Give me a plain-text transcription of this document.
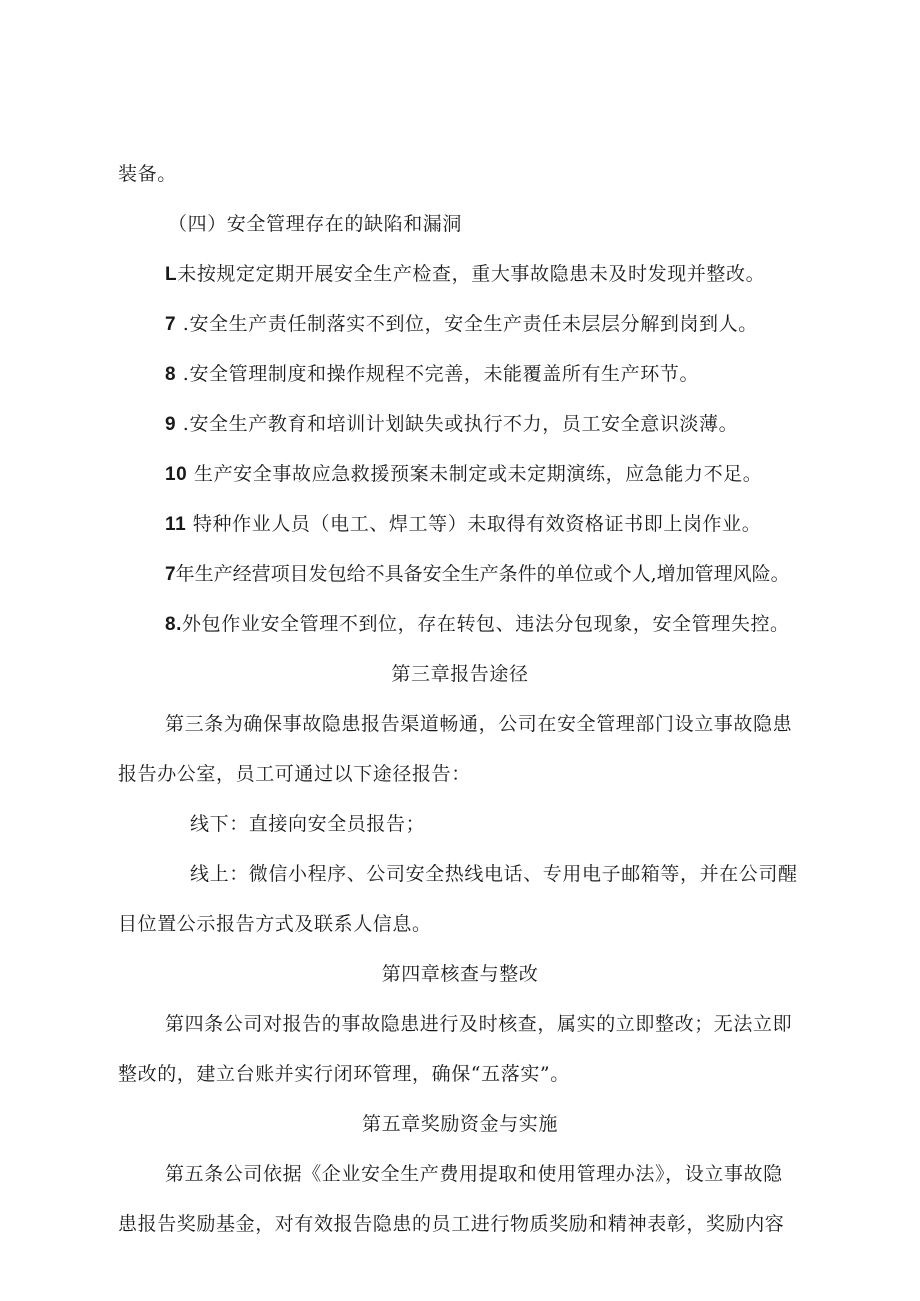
装备。
（四）安全管理存在的缺陷和漏洞
L未按规定定期开展安全生产检查，重大事故隐患未及时发现并整改。
7 .安全生产责任制落实不到位，安全生产责任未层层分解到岗到人。
8 .安全管理制度和操作规程不完善，未能覆盖所有生产环节。
9 .安全生产教育和培训计划缺失或执行不力，员工安全意识淡薄。
10 生产安全事故应急救援预案未制定或未定期演练，应急能力不足。
11 特种作业人员（电工、焊工等）未取得有效资格证书即上岗作业。
7年生产经营项目发包给不具备安全生产条件的单位或个人,增加管理风险。
8.外包作业安全管理不到位，存在转包、违法分包现象，安全管理失控。
第三章报告途径
第三条为确保事故隐患报告渠道畅通，公司在安全管理部门设立事故隐患
报告办公室，员工可通过以下途径报告：
线下：直接向安全员报告；
线上：微信小程序、公司安全热线电话、专用电子邮箱等，并在公司醒
目位置公示报告方式及联系人信息。
第四章核查与整改
第四条公司对报告的事故隐患进行及时核查，属实的立即整改；无法立即
整改的，建立台账并实行闭环管理，确保“五落实”。
第五章奖励资金与实施
第五条公司依据《企业安全生产费用提取和使用管理办法》，设立事故隐
患报告奖励基金，对有效报告隐患的员工进行物质奖励和精神表彰，奖励内容
